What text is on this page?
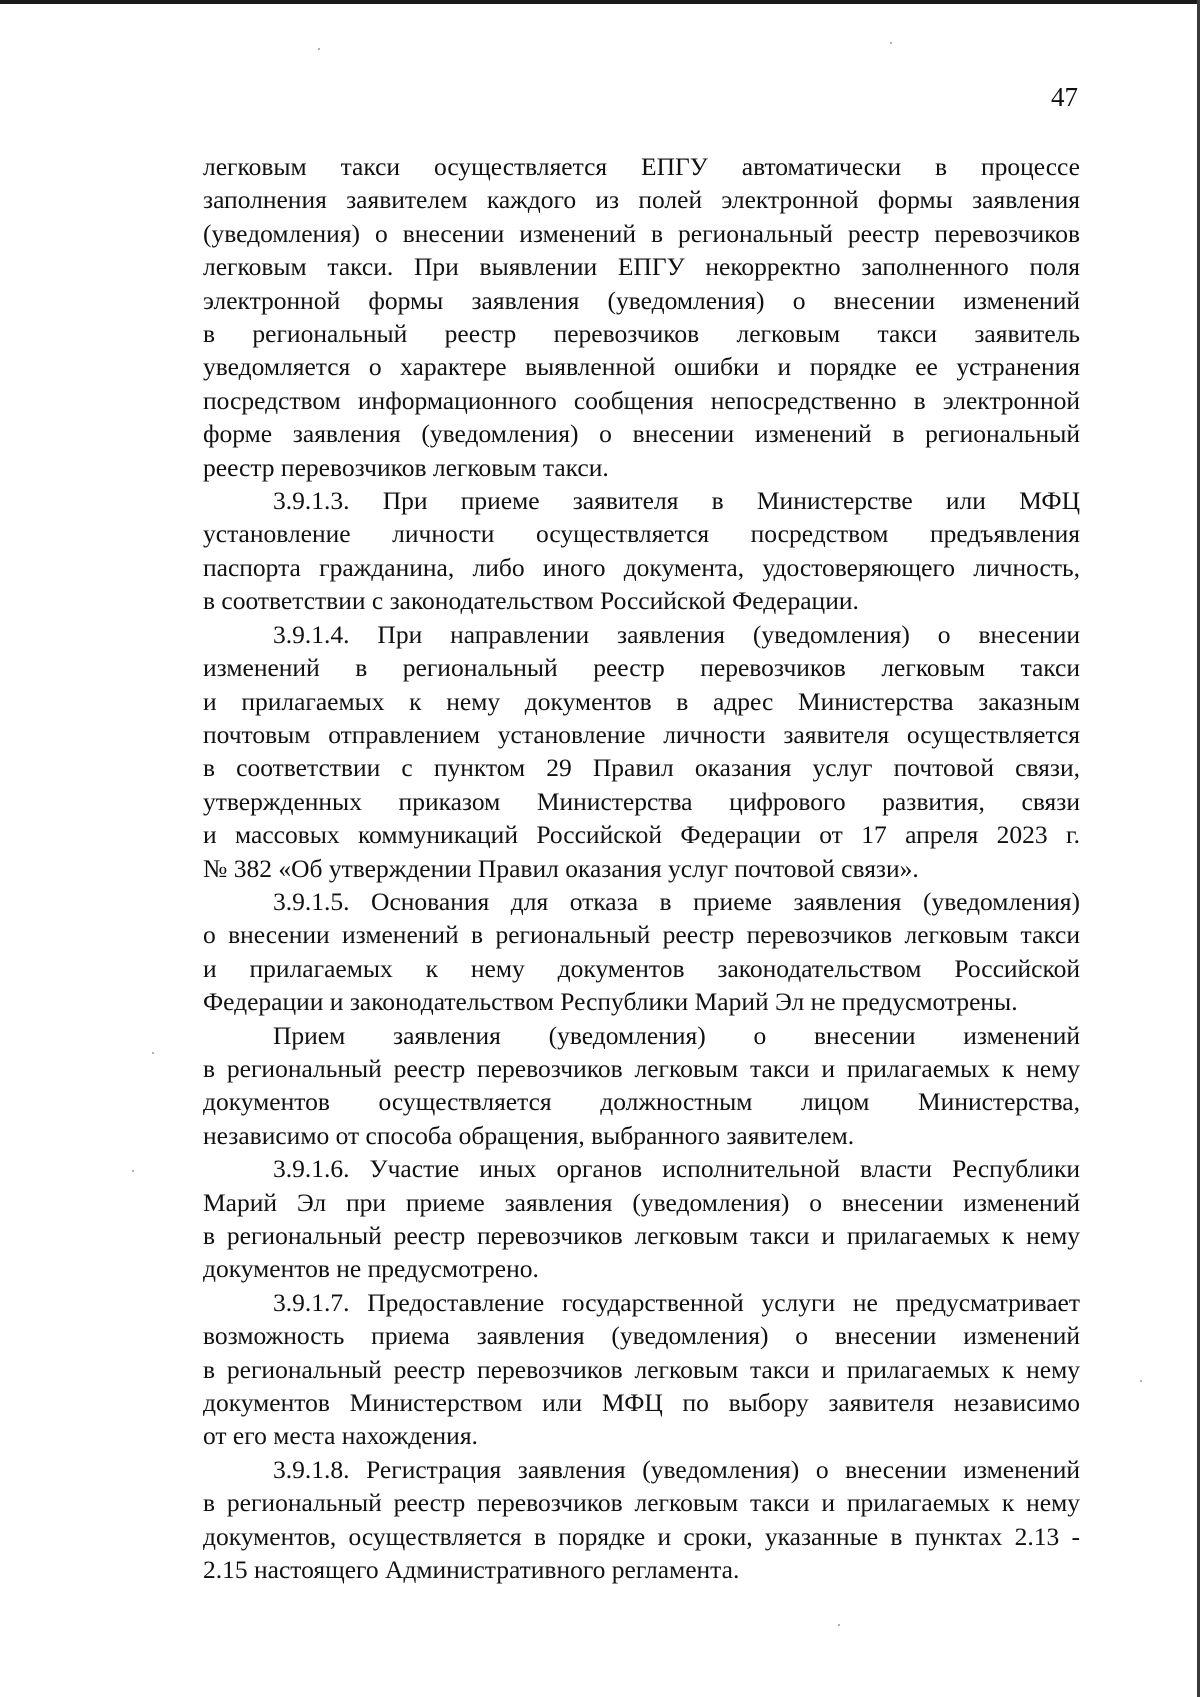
47

легковым такси осуществляется ЕПГУ автоматически в процессе

заполнения заявителем каждого из полей электронной формы заявления

(уведомления) о внесении изменений в региональный реестр перевозчиков

легковым такси. При выявлении ЕПГУ некорректно заполненного поля

электронной формы заявления (уведомления) о внесении изменений

в региональный реестр перевозчиков легковым такси заявитель

уведомляется о характере выявленной ошибки и порядке ее устранения

посредством информационного сообщения непосредственно в электронной

форме заявления (уведомления) о внесении изменений в региональный

реестр перевозчиков легковым такси.

3.9.1.3. При приеме заявителя в Министерстве или МФЦ

установление личности осуществляется посредством предъявления

паспорта гражданина, либо иного документа, удостоверяющего личность,

в соответствии с законодательством Российской Федерации.

3.9.1.4. При направлении заявления (уведомления) о внесении

изменений в региональный реестр перевозчиков легковым такси

и прилагаемых к нему документов в адрес Министерства заказным

почтовым отправлением установление личности заявителя осуществляется

в соответствии с пунктом 29 Правил оказания услуг почтовой связи,

утвержденных приказом Министерства цифрового развития, связи

и массовых коммуникаций Российской Федерации от 17 апреля 2023 г.

№ 382 «Об утверждении Правил оказания услуг почтовой связи».

3.9.1.5. Основания для отказа в приеме заявления (уведомления)

о внесении изменений в региональный реестр перевозчиков легковым такси

и прилагаемых к нему документов законодательством Российской

Федерации и законодательством Республики Марий Эл не предусмотрены.

Прием заявления (уведомления) о внесении изменений

в региональный реестр перевозчиков легковым такси и прилагаемых к нему

документов осуществляется должностным лицом Министерства,

независимо от способа обращения, выбранного заявителем.

3.9.1.6. Участие иных органов исполнительной власти Республики

Марий Эл при приеме заявления (уведомления) о внесении изменений

в региональный реестр перевозчиков легковым такси и прилагаемых к нему

документов не предусмотрено.

3.9.1.7. Предоставление государственной услуги не предусматривает

возможность приема заявления (уведомления) о внесении изменений

в региональный реестр перевозчиков легковым такси и прилагаемых к нему

документов Министерством или МФЦ по выбору заявителя независимо

от его места нахождения.

3.9.1.8. Регистрация заявления (уведомления) о внесении изменений

в региональный реестр перевозчиков легковым такси и прилагаемых к нему

документов, осуществляется в порядке и сроки, указанные в пунктах 2.13 -

2.15 настоящего Административного регламента.
